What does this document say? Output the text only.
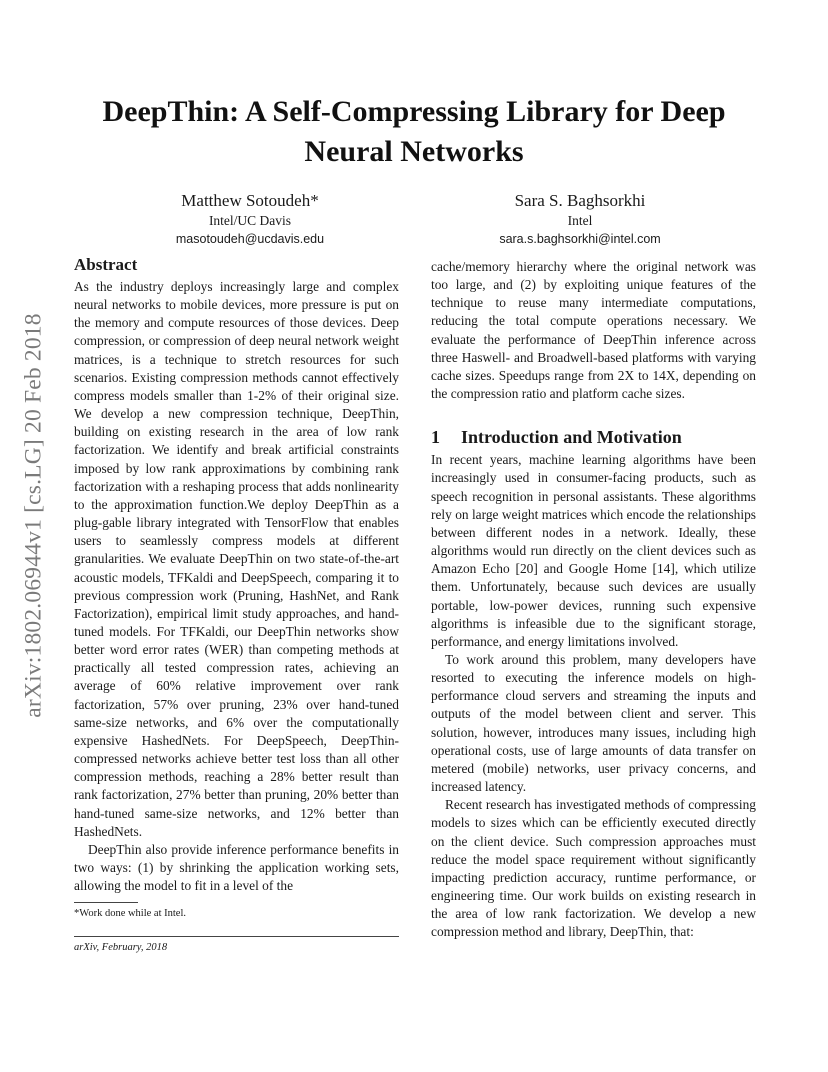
arXiv:1802.06944v1 [cs.LG] 20 Feb 2018
DeepThin: A Self-Compressing Library for Deep Neural Networks
Matthew Sotoudeh*
Intel/UC Davis
masotoudeh@ucdavis.edu
Sara S. Baghsorkhi
Intel
sara.s.baghsorkhi@intel.com
Abstract

As the industry deploys increasingly large and complex neural networks to mobile devices, more pressure is put on the memory and compute resources of those devices. Deep compression, or compression of deep neural network weight matrices, is a technique to stretch resources for such scenarios. Existing compression methods cannot effectively compress models smaller than 1-2% of their original size. We develop a new compression technique, DeepThin, building on existing research in the area of low rank factorization. We identify and break artificial constraints imposed by low rank approximations by combining rank factorization with a reshaping process that adds nonlinearity to the approximation function.We deploy DeepThin as a plug-gable library integrated with TensorFlow that enables users to seamlessly compress models at different granularities. We evaluate DeepThin on two state-of-the-art acoustic models, TFKaldi and DeepSpeech, comparing it to previous compression work (Pruning, HashNet, and Rank Factorization), empirical limit study approaches, and hand-tuned models. For TFKaldi, our DeepThin networks show better word error rates (WER) than competing methods at practically all tested compression rates, achieving an average of 60% relative improvement over rank factorization, 57% over pruning, 23% over hand-tuned same-size networks, and 6% over the computationally expensive HashedNets. For DeepSpeech, DeepThin-compressed networks achieve better test loss than all other compression methods, reaching a 28% better result than rank factorization, 27% better than pruning, 20% better than hand-tuned same-size networks, and 12% better than HashedNets.

DeepThin also provide inference performance benefits in two ways: (1) by shrinking the application working sets, allowing the model to fit in a level of the

cache/memory hierarchy where the original network was too large, and (2) by exploiting unique features of the technique to reuse many intermediate computations, reducing the total compute operations necessary. We evaluate the performance of DeepThin inference across three Haswell- and Broadwell-based platforms with varying cache sizes. Speedups range from 2X to 14X, depending on the compression ratio and platform cache sizes.

1 Introduction and Motivation

In recent years, machine learning algorithms have been increasingly used in consumer-facing products, such as speech recognition in personal assistants. These algorithms rely on large weight matrices which encode the relationships between different nodes in a network. Ideally, these algorithms would run directly on the client devices such as Amazon Echo [20] and Google Home [14], which utilize them. Unfortunately, because such devices are usually portable, low-power devices, running such expensive algorithms is infeasible due to the significant storage, performance, and energy limitations involved.

To work around this problem, many developers have resorted to executing the inference models on high-performance cloud servers and streaming the inputs and outputs of the model between client and server. This solution, however, introduces many issues, including high operational costs, use of large amounts of data transfer on metered (mobile) networks, user privacy concerns, and increased latency.

Recent research has investigated methods of compressing models to sizes which can be efficiently executed directly on the client device. Such compression approaches must reduce the model space requirement without significantly impacting prediction accuracy, runtime performance, or engineering time. Our work builds on existing research in the area of low rank factorization. We develop a new compression method and library, DeepThin, that:

*Work done while at Intel.
arXiv, February, 2018
